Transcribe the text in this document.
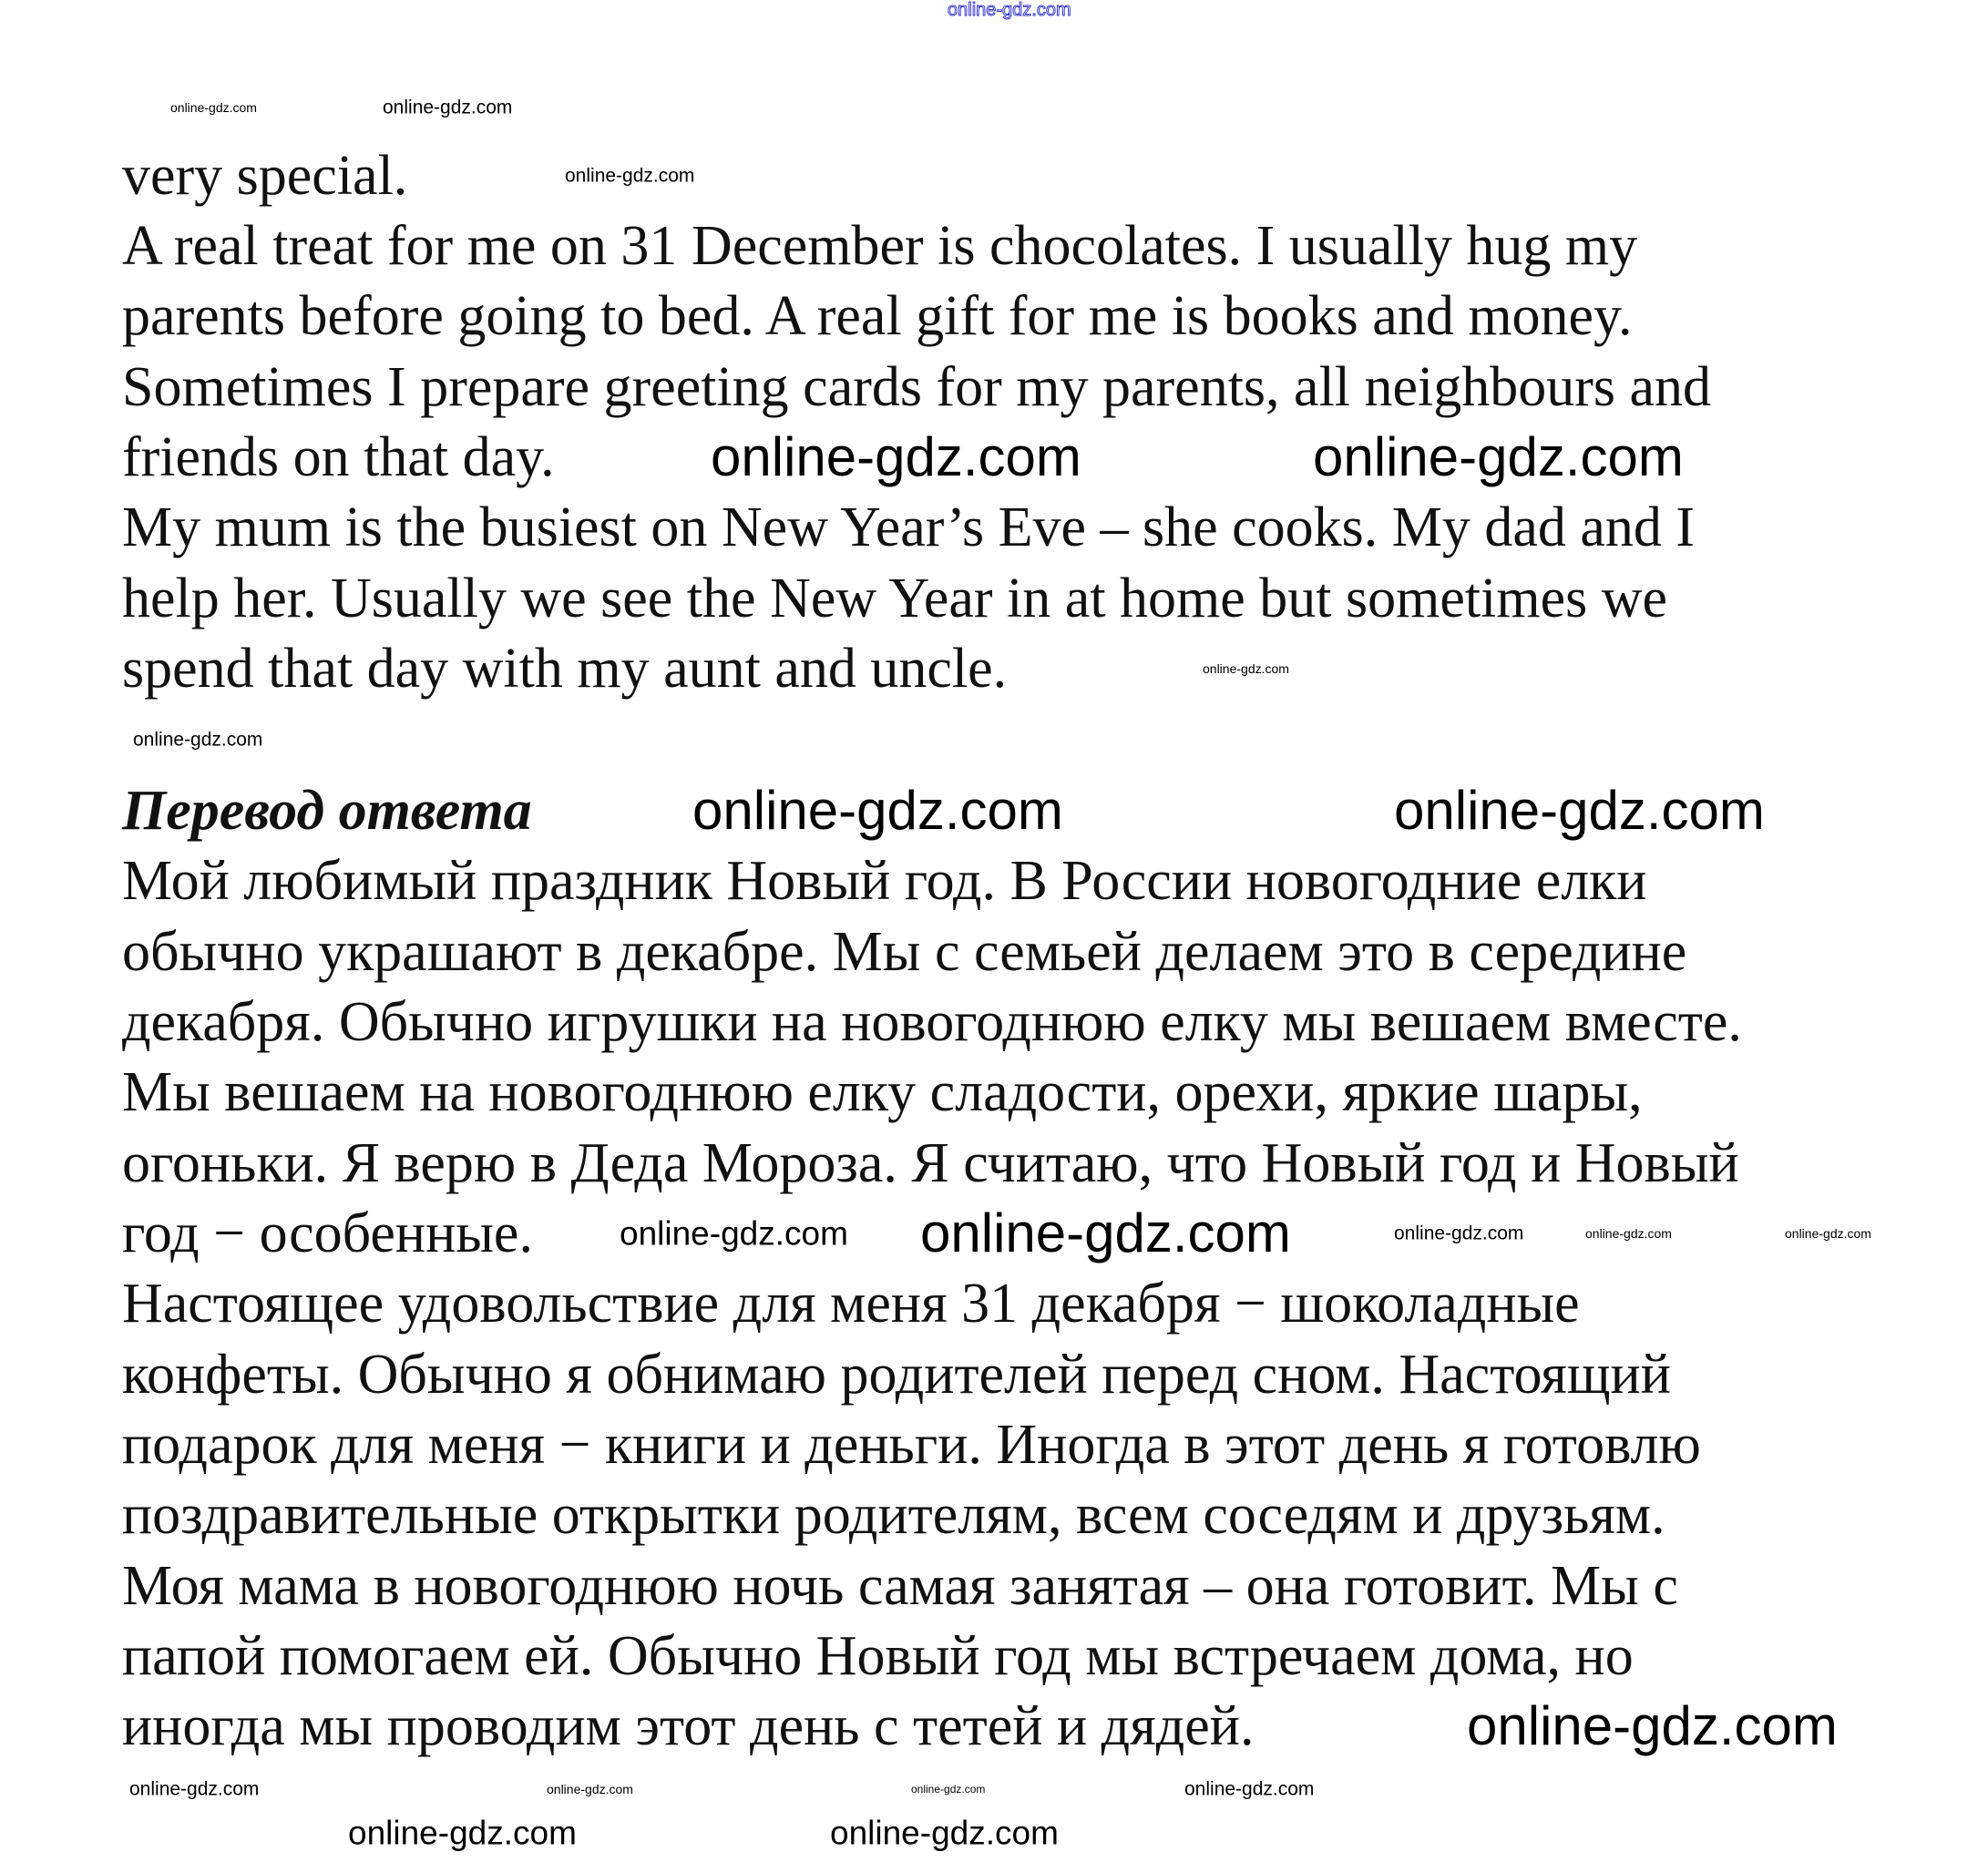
very special.
A real treat for me on 31 December is chocolates. I usually hug my
parents before going to bed. A real gift for me is books and money.
Sometimes I prepare greeting cards for my parents, all neighbours and
friends on that day.
My mum is the busiest on New Year’s Eve – she cooks. My dad and I
help her. Usually we see the New Year in at home but sometimes we
spend that day with my aunt and uncle.
Перевод ответа
Мой любимый праздник Новый год. В России новогодние елки
обычно украшают в декабре. Мы с семьей делаем это в середине
декабря. Обычно игрушки на новогоднюю елку мы вешаем вместе.
Мы вешаем на новогоднюю елку сладости, орехи, яркие шары,
огоньки. Я верю в Деда Мороза. Я считаю, что Новый год и Новый
год − особенные.
Настоящее удовольствие для меня 31 декабря − шоколадные
конфеты. Обычно я обнимаю родителей перед сном. Настоящий
подарок для меня − книги и деньги. Иногда в этот день я готовлю
поздравительные открытки родителям, всем соседям и друзьям.
Моя мама в новогоднюю ночь самая занятая – она готовит. Мы с
папой помогаем ей. Обычно Новый год мы встречаем дома, но
иногда мы проводим этот день с тетей и дядей.
online-gdz.com
online-gdz.com	online-gdz.com
online-gdz.com
online-gdz.com	online-gdz.com
online-gdz.com
online-gdz.com
online-gdz.com	online-gdz.com
online-gdz.com online-gdz.com	online-gdz.com	online-gdz.com	online-gdz.com
online-gdz.com
online-gdz.com	online-gdz.com	online-gdz.com	online-gdz.com
online-gdz.com	online-gdz.com
